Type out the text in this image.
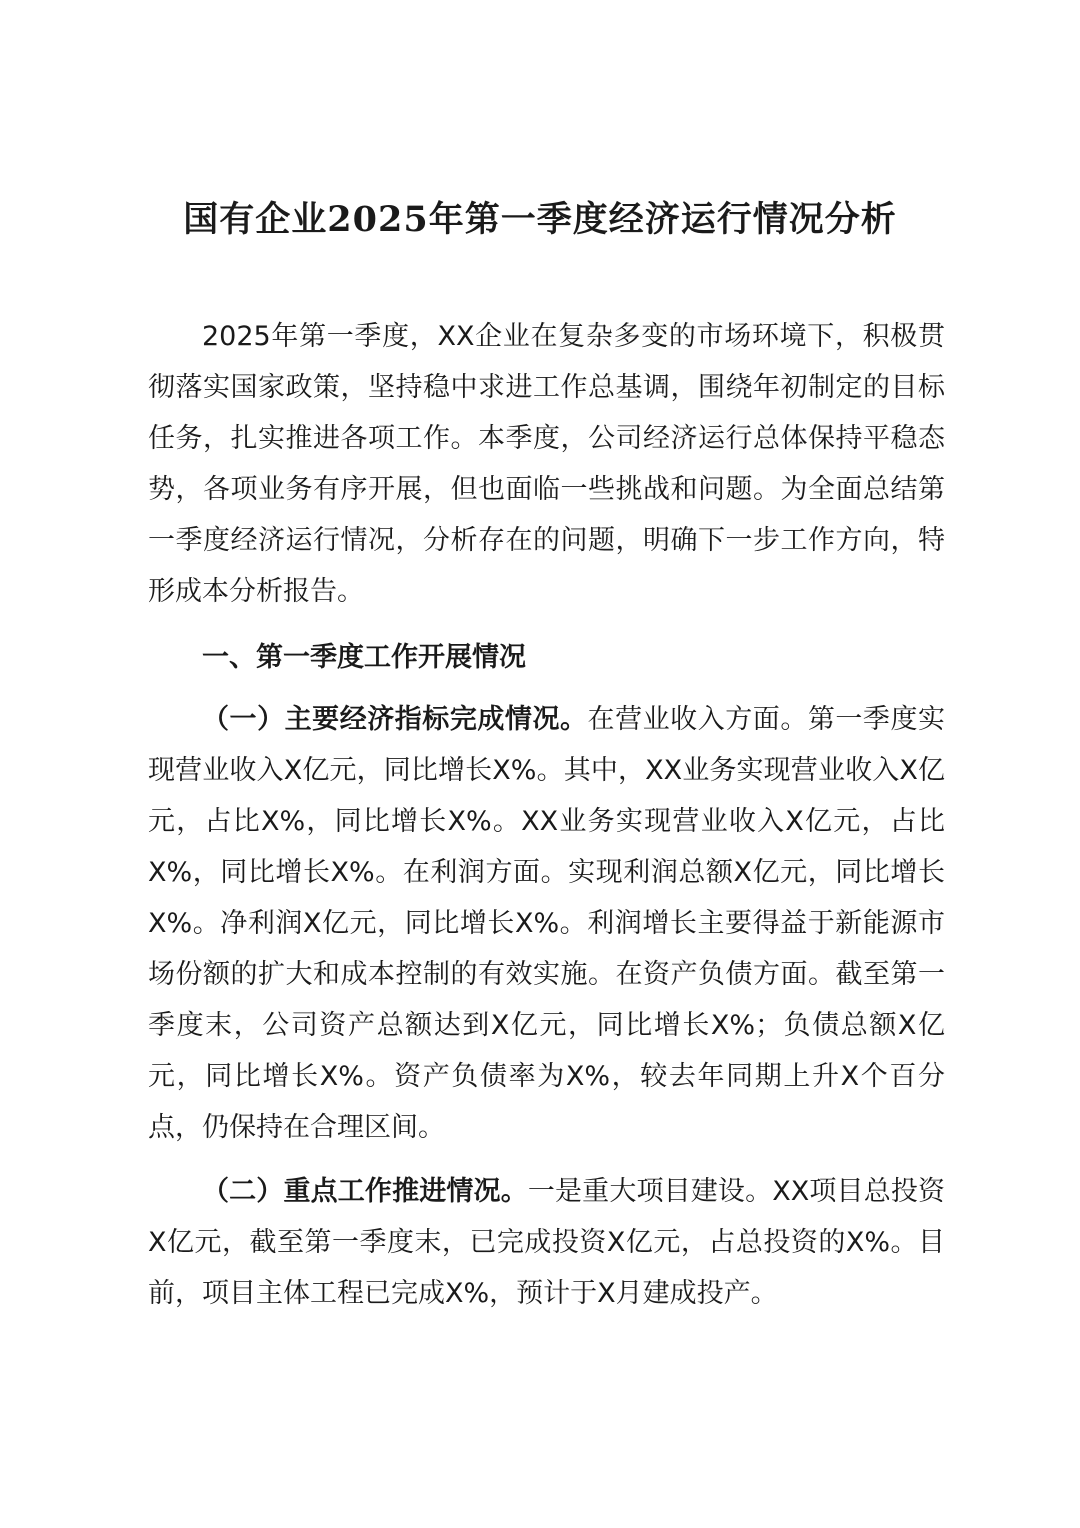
国有企业2025年第一季度经济运行情况分析

2025年第一季度，XX企业在复杂多变的市场环境下，积极贯彻落实国家政策，坚持稳中求进工作总基调，围绕年初制定的目标任务，扎实推进各项工作。本季度，公司经济运行总体保持平稳态势，各项业务有序开展，但也面临一些挑战和问题。为全面总结第一季度经济运行情况，分析存在的问题，明确下一步工作方向，特形成本分析报告。

一、第一季度工作开展情况

（一）主要经济指标完成情况。在营业收入方面。第一季度实现营业收入X亿元，同比增长X%。其中，XX业务实现营业收入X亿元，占比X%，同比增长X%。XX业务实现营业收入X亿元，占比X%，同比增长X%。在利润方面。实现利润总额X亿元，同比增长X%。净利润X亿元，同比增长X%。利润增长主要得益于新能源市场份额的扩大和成本控制的有效实施。在资产负债方面。截至第一季度末，公司资产总额达到X亿元，同比增长X%；负债总额X亿元，同比增长X%。资产负债率为X%，较去年同期上升X个百分点，仍保持在合理区间。

（二）重点工作推进情况。一是重大项目建设。XX项目总投资X亿元，截至第一季度末，已完成投资X亿元，占总投资的X%。目前，项目主体工程已完成X%，预计于X月建成投产。
